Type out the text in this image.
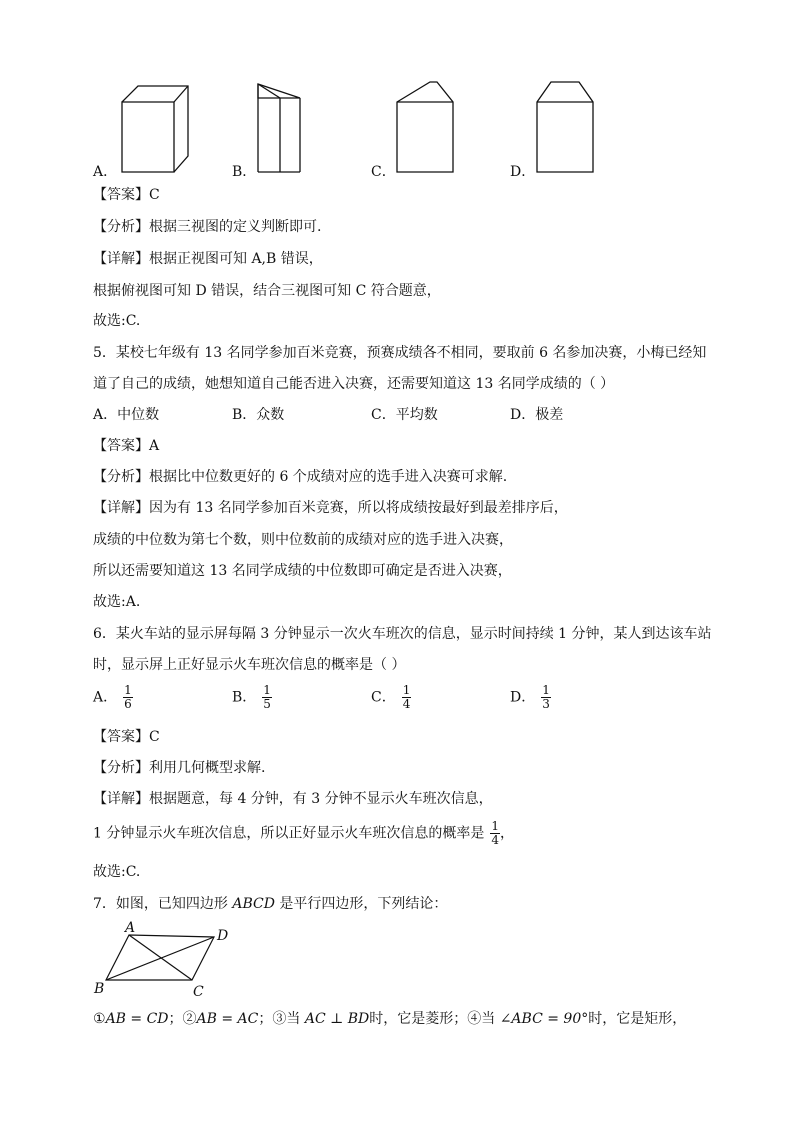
A．	B．	C．	D．
【答案】C
【分析】根据三视图的定义判断即可.
【详解】根据正视图可知 A,B 错误，
根据俯视图可知 D 错误，结合三视图可知 C 符合题意，
故选:C.
5．某校七年级有 13 名同学参加百米竞赛，预赛成绩各不相同，要取前 6 名参加决赛，小梅已经知
道了自己的成绩，她想知道自己能否进入决赛，还需要知道这 13 名同学成绩的（ ）
A．中位数	B．众数	C．平均数	D．极差
【答案】A
【分析】根据比中位数更好的 6 个成绩对应的选手进入决赛可求解.
【详解】因为有 13 名同学参加百米竞赛，所以将成绩按最好到最差排序后，
成绩的中位数为第七个数，则中位数前的成绩对应的选手进入决赛，
所以还需要知道这 13 名同学成绩的中位数即可确定是否进入决赛，
故选:A.
6．某火车站的显示屏每隔 3 分钟显示一次火车班次的信息，显示时间持续 1 分钟，某人到达该车站
时，显示屏上正好显示火车班次信息的概率是（ ）
A． $\frac{1}{6}$	B． $\frac{1}{5}$	C． $\frac{1}{4}$	D． $\frac{1}{3}$
【答案】C
【分析】利用几何概型求解.
【详解】根据题意，每 4 分钟，有 3 分钟不显示火车班次信息，
1 分钟显示火车班次信息，所以正好显示火车班次信息的概率是 $\frac{1}{4}$ ，
故选:C.
7．如图，已知四边形 ABCD 是平行四边形，下列结论：
A	D
B	C
①AB = CD；②AB = AC；③当 AC ⊥ BD时，它是菱形；④当 ∠ABC = 90°时，它是矩形，
